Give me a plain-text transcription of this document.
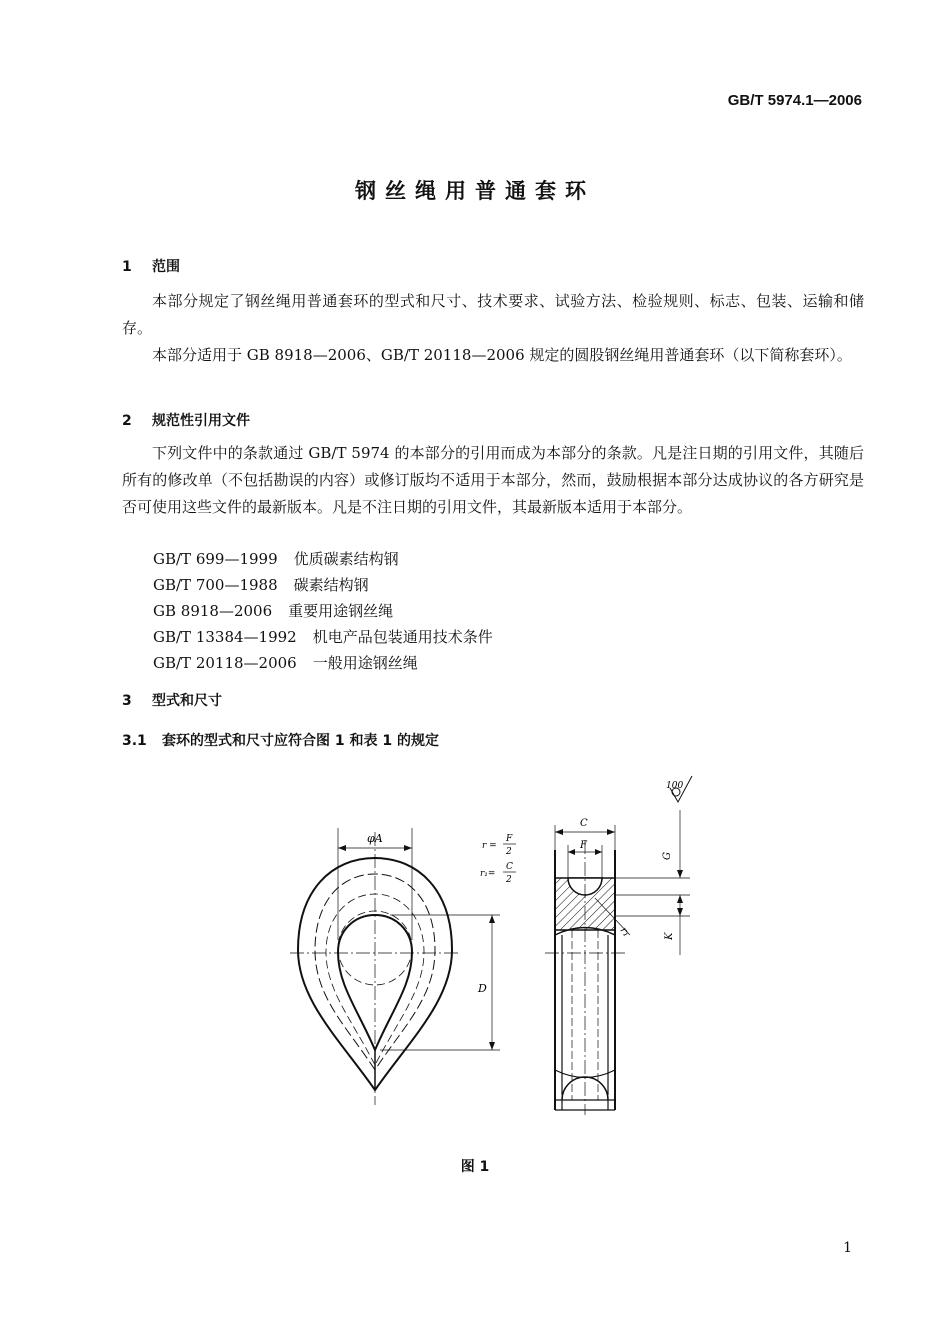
GB/T 5974.1—2006
钢丝绳用普通套环
1 范围
本部分规定了钢丝绳用普通套环的型式和尺寸、技术要求、试验方法、检验规则、标志、包装、运输和储存。
本部分适用于 GB 8918—2006、GB/T 20118—2006 规定的圆股钢丝绳用普通套环（以下简称套环）。
2 规范性引用文件
下列文件中的条款通过 GB/T 5974 的本部分的引用而成为本部分的条款。凡是注日期的引用文件，其随后所有的修改单（不包括勘误的内容）或修订版均不适用于本部分，然而，鼓励根据本部分达成协议的各方研究是否可使用这些文件的最新版本。凡是不注日期的引用文件，其最新版本适用于本部分。
GB/T 699—1999 优质碳素结构钢
GB/T 700—1988 碳素结构钢
GB 8918—2006 重要用途钢丝绳
GB/T 13384—1992 机电产品包装通用技术条件
GB/T 20118—2006 一般用途钢丝绳
3 型式和尺寸
3.1 套环的型式和尺寸应符合图 1 和表 1 的规定
φA
D
r =
F
2
r₁=
C
2
C
F
G
K
r₁
100
图 1
1
